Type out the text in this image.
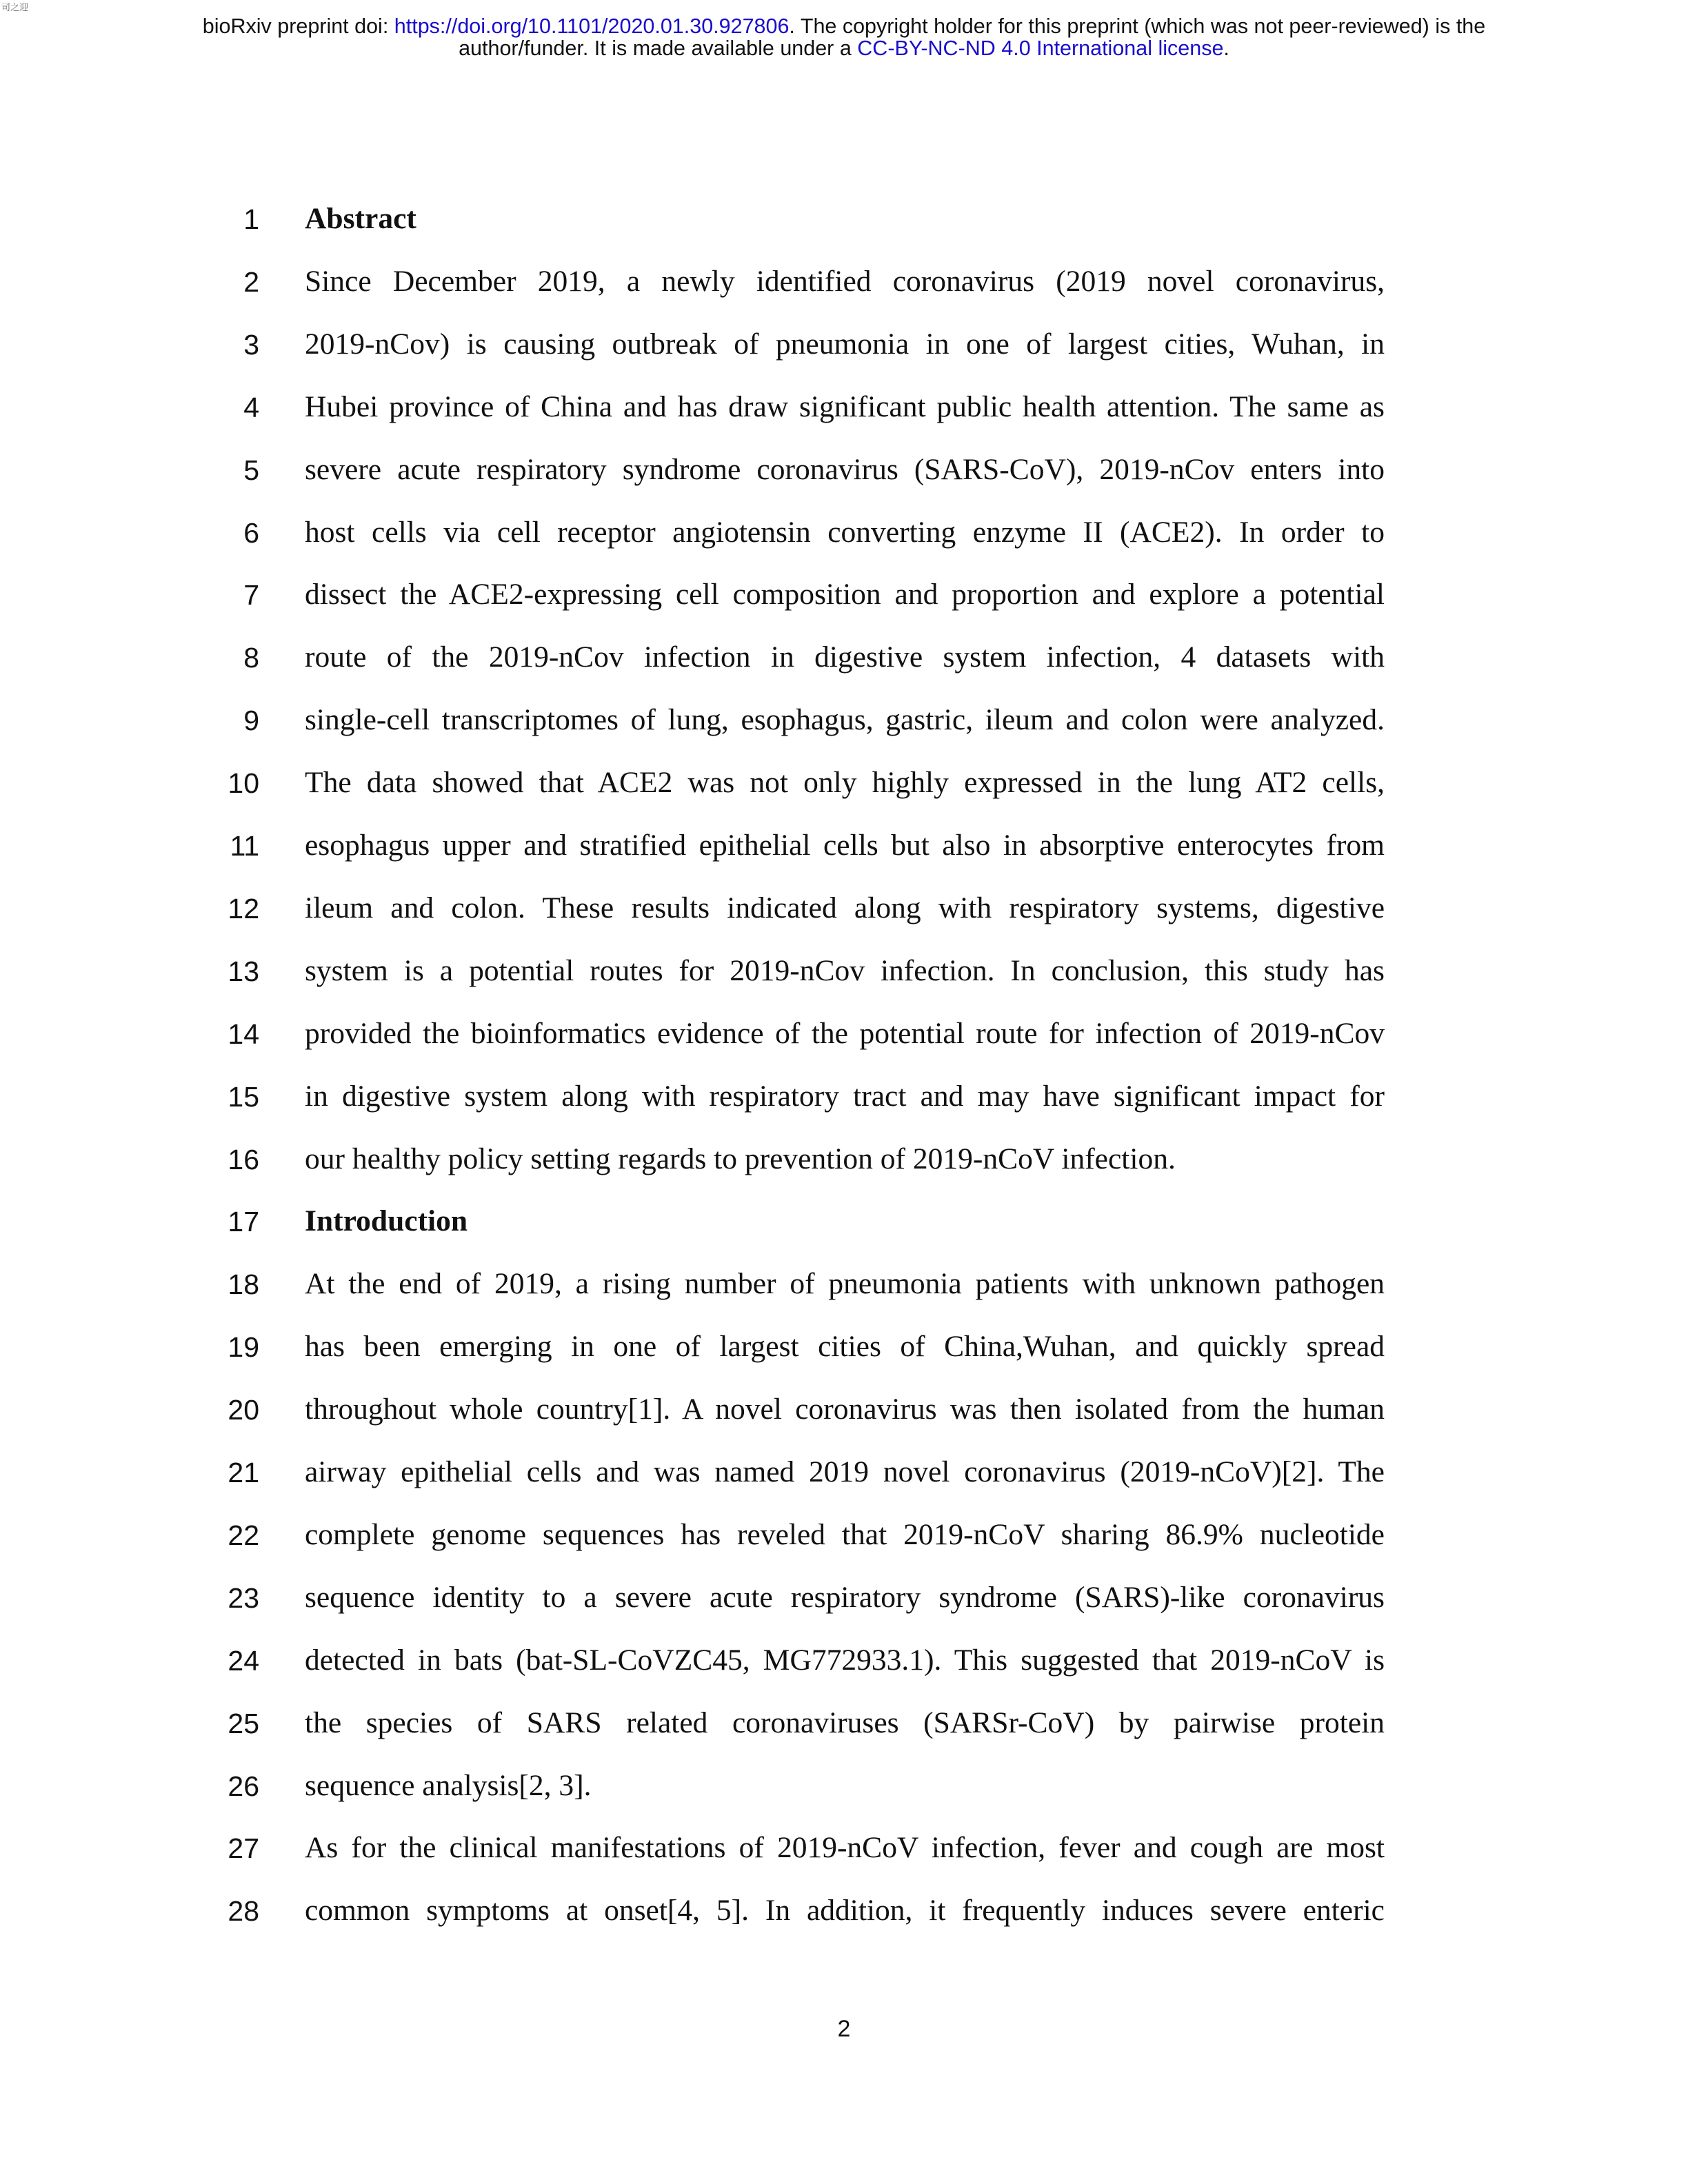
司之迎
bioRxiv preprint doi: https://doi.org/10.1101/2020.01.30.927806. The copyright holder for this preprint (which was not peer-reviewed) is the
author/funder. It is made available under a CC-BY-NC-ND 4.0 International license.
1 Abstract
2 Since December 2019, a newly identified coronavirus (2019 novel coronavirus,
3 2019-nCov) is causing outbreak of pneumonia in one of largest cities, Wuhan, in
4 Hubei province of China and has draw significant public health attention. The same as
5 severe acute respiratory syndrome coronavirus (SARS-CoV), 2019-nCov enters into
6 host cells via cell receptor angiotensin converting enzyme II (ACE2). In order to
7 dissect the ACE2-expressing cell composition and proportion and explore a potential
8 route of the 2019-nCov infection in digestive system infection, 4 datasets with
9 single-cell transcriptomes of lung, esophagus, gastric, ileum and colon were analyzed.
10 The data showed that ACE2 was not only highly expressed in the lung AT2 cells,
11 esophagus upper and stratified epithelial cells but also in absorptive enterocytes from
12 ileum and colon. These results indicated along with respiratory systems, digestive
13 system is a potential routes for 2019-nCov infection. In conclusion, this study has
14 provided the bioinformatics evidence of the potential route for infection of 2019-nCov
15 in digestive system along with respiratory tract and may have significant impact for
16 our healthy policy setting regards to prevention of 2019-nCoV infection.
17 Introduction
18 At the end of 2019, a rising number of pneumonia patients with unknown pathogen
19 has been emerging in one of largest cities of China,Wuhan, and quickly spread
20 throughout whole country[1]. A novel coronavirus was then isolated from the human
21 airway epithelial cells and was named 2019 novel coronavirus (2019-nCoV)[2]. The
22 complete genome sequences has reveled that 2019-nCoV sharing 86.9% nucleotide
23 sequence identity to a severe acute respiratory syndrome (SARS)-like coronavirus
24 detected in bats (bat-SL-CoVZC45, MG772933.1). This suggested that 2019-nCoV is
25 the species of SARS related coronaviruses (SARSr-CoV) by pairwise protein
26 sequence analysis[2, 3].
27 As for the clinical manifestations of 2019-nCoV infection, fever and cough are most
28 common symptoms at onset[4, 5]. In addition, it frequently induces severe enteric
2
